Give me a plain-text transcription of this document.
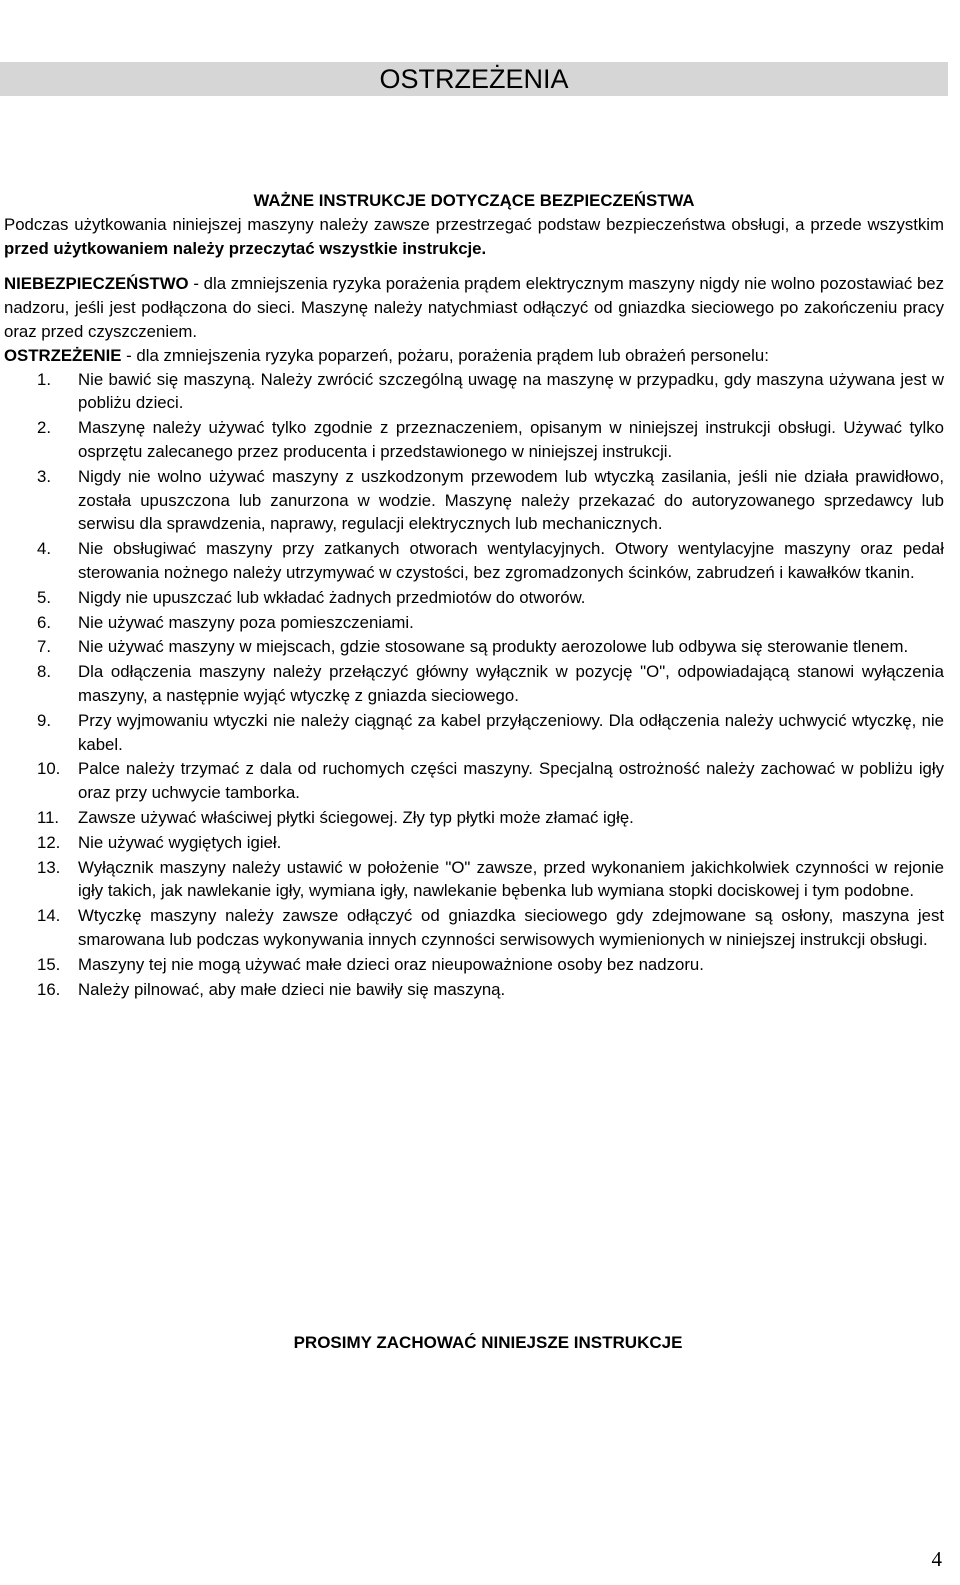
OSTRZEŻENIA

WAŻNE INSTRUKCJE DOTYCZĄCE BEZPIECZEŃSTWA

Podczas użytkowania niniejszej maszyny należy zawsze przestrzegać podstaw bezpieczeństwa obsługi, a przede wszystkim przed użytkowaniem należy przeczytać wszystkie instrukcje.

NIEBEZPIECZEŃSTWO - dla zmniejszenia ryzyka porażenia prądem elektrycznym maszyny nigdy nie wolno pozostawiać bez nadzoru, jeśli jest podłączona do sieci. Maszynę należy natychmiast odłączyć od gniazdka sieciowego po zakończeniu pracy oraz przed czyszczeniem.

OSTRZEŻENIE - dla zmniejszenia ryzyka poparzeń, pożaru, porażenia prądem lub obrażeń personelu:

1. Nie bawić się maszyną. Należy zwrócić szczególną uwagę na maszynę w przypadku, gdy maszyna używana jest w pobliżu dzieci.
2. Maszynę należy używać tylko zgodnie z przeznaczeniem, opisanym w niniejszej instrukcji obsługi. Używać tylko osprzętu zalecanego przez producenta i przedstawionego w niniejszej instrukcji.
3. Nigdy nie wolno używać maszyny z uszkodzonym przewodem lub wtyczką zasilania, jeśli nie działa prawidłowo, została upuszczona lub zanurzona w wodzie. Maszynę należy przekazać do autoryzowanego sprzedawcy lub serwisu dla sprawdzenia, naprawy, regulacji elektrycznych lub mechanicznych.
4. Nie obsługiwać maszyny przy zatkanych otworach wentylacyjnych. Otwory wentylacyjne maszyny oraz pedał sterowania nożnego należy utrzymywać w czystości, bez zgromadzonych ścinków, zabrudzeń i kawałków tkanin.
5. Nigdy nie upuszczać lub wkładać żadnych przedmiotów do otworów.
6. Nie używać maszyny poza pomieszczeniami.
7. Nie używać maszyny w miejscach, gdzie stosowane są produkty aerozolowe lub odbywa się sterowanie tlenem.
8. Dla odłączenia maszyny należy przełączyć główny wyłącznik w pozycję "O", odpowiadającą stanowi wyłączenia maszyny, a następnie wyjąć wtyczkę z gniazda sieciowego.
9. Przy wyjmowaniu wtyczki nie należy ciągnąć za kabel przyłączeniowy. Dla odłączenia należy uchwycić wtyczkę, nie kabel.
10. Palce należy trzymać z dala od ruchomych części maszyny. Specjalną ostrożność należy zachować w pobliżu igły oraz przy uchwycie tamborka.
11. Zawsze używać właściwej płytki ściegowej. Zły typ płytki może złamać igłę.
12. Nie używać wygiętych igieł.
13. Wyłącznik maszyny należy ustawić w położenie "O" zawsze, przed wykonaniem jakichkolwiek czynności w rejonie igły takich, jak nawlekanie igły, wymiana igły, nawlekanie bębenka lub wymiana stopki dociskowej i tym podobne.
14. Wtyczkę maszyny należy zawsze odłączyć od gniazdka sieciowego gdy zdejmowane są osłony, maszyna jest smarowana lub podczas wykonywania innych czynności serwisowych wymienionych w niniejszej instrukcji obsługi.
15. Maszyny tej nie mogą używać małe dzieci oraz nieupoważnione osoby bez nadzoru.
16. Należy pilnować, aby małe dzieci nie bawiły się maszyną.
PROSIMY ZACHOWAĆ NINIEJSZE INSTRUKCJE
4
